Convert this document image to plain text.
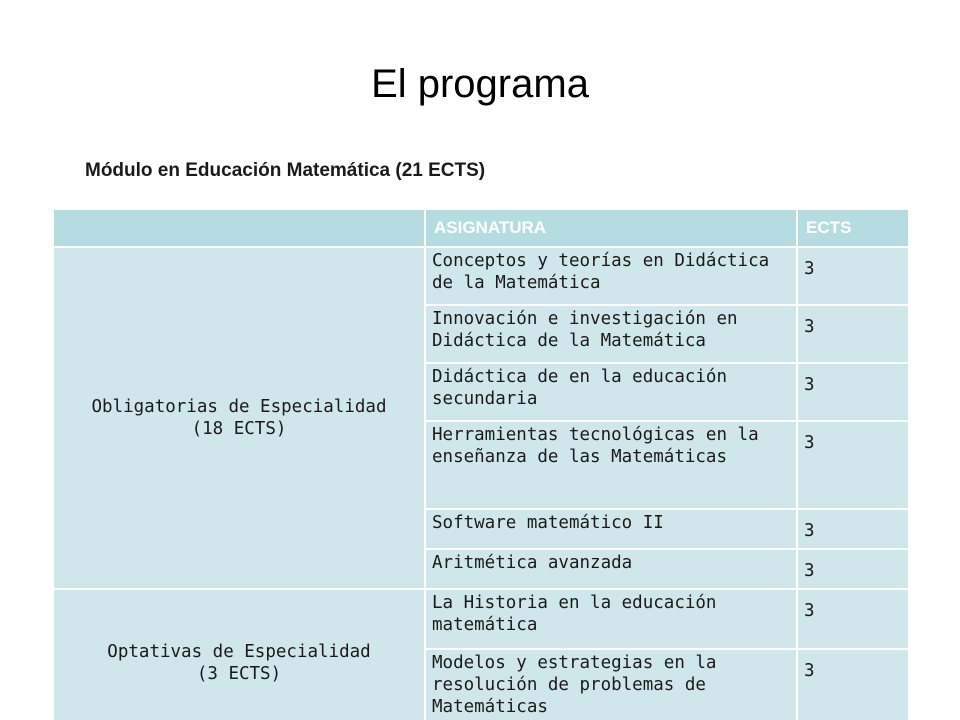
El programa
Módulo en Educación Matemática (21 ECTS)
	ASIGNATURA	ECTS

Obligatorias de Especialidad
(18 ECTS)	Conceptos y teorías en Didáctica de la Matemática	3
	Innovación e investigación en Didáctica de la Matemática	3
	Didáctica de en la educación secundaria	3
	Herramientas tecnológicas en la enseñanza de las Matemáticas	3
	Software matemático II	3
	Aritmética avanzada	3

Optativas de Especialidad
(3 ECTS)	La Historia en la educación matemática	3
	Modelos y estrategias en la resolución de problemas de Matemáticas	3
